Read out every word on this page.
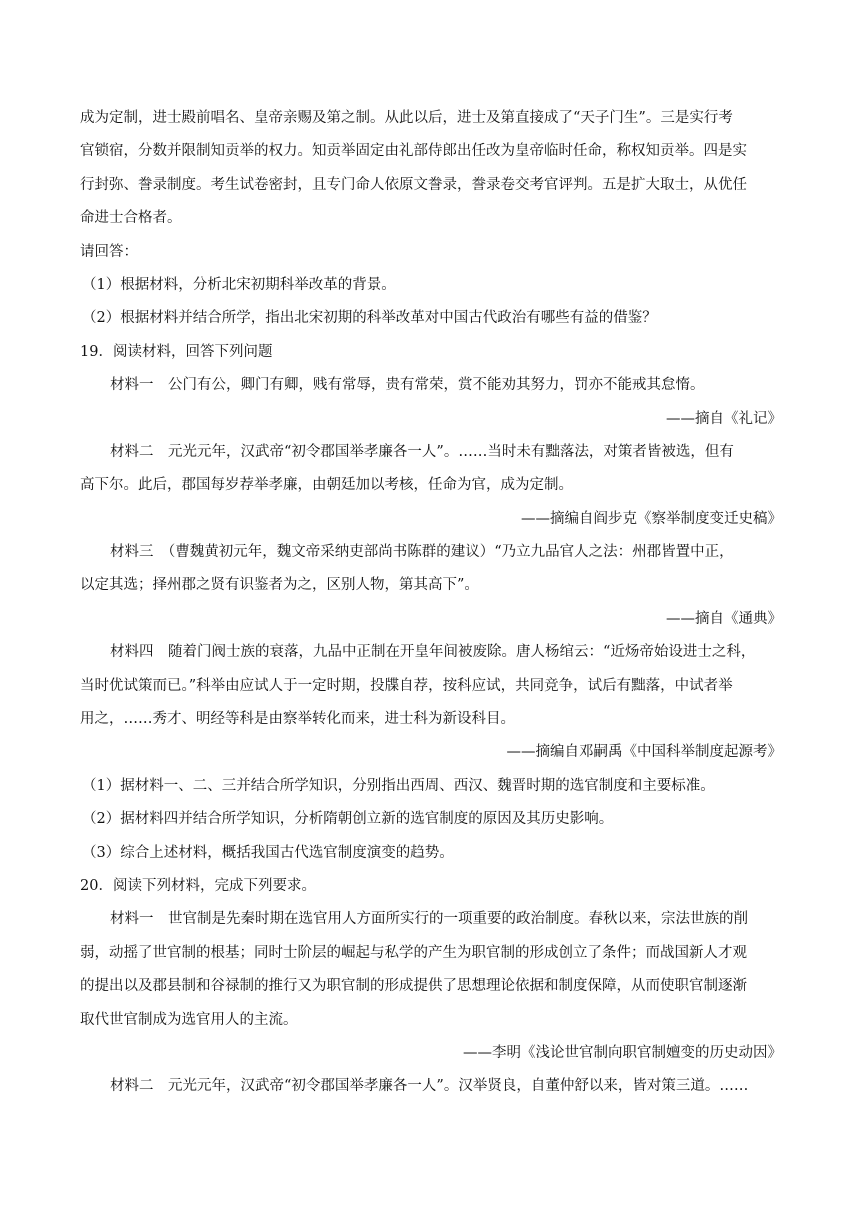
成为定制，进士殿前唱名、皇帝亲赐及第之制。从此以后，进士及第直接成了“天子门生”。三是实行考
官锁宿，分数并限制知贡举的权力。知贡举固定由礼部侍郎出任改为皇帝临时任命，称权知贡举。四是实
行封弥、誊录制度。考生试卷密封，且专门命人依原文誊录，誊录卷交考官评判。五是扩大取士，从优任
命进士合格者。
请回答：
（1）根据材料，分析北宋初期科举改革的背景。
（2）根据材料并结合所学，指出北宋初期的科举改革对中国古代政治有哪些有益的借鉴？
19．阅读材料，回答下列问题
材料一　公门有公，卿门有卿，贱有常辱，贵有常荣，赏不能劝其努力，罚亦不能戒其怠惰。
——摘自《礼记》
材料二　元光元年，汉武帝“初令郡国举孝廉各一人”。……当时未有黜落法，对策者皆被选，但有
高下尔。此后，郡国每岁荐举孝廉，由朝廷加以考核，任命为官，成为定制。
——摘编自阎步克《察举制度变迁史稿》
材料三　（曹魏黄初元年，魏文帝采纳吏部尚书陈群的建议）“乃立九品官人之法：州郡皆置中正，
以定其选；择州郡之贤有识鉴者为之，区别人物，第其高下”。
——摘自《通典》
材料四　随着门阀士族的衰落，九品中正制在开皇年间被废除。唐人杨绾云：“近炀帝始设进士之科，
当时优试策而已。”科举由应试人于一定时期，投牒自荐，按科应试，共同竞争，试后有黜落，中试者举
用之，……秀才、明经等科是由察举转化而来，进士科为新设科目。
——摘编自邓嗣禹《中国科举制度起源考》
（1）据材料一、二、三并结合所学知识，分别指出西周、西汉、魏晋时期的选官制度和主要标准。
（2）据材料四并结合所学知识，分析隋朝创立新的选官制度的原因及其历史影响。
（3）综合上述材料，概括我国古代选官制度演变的趋势。
20．阅读下列材料，完成下列要求。
材料一　世官制是先秦时期在选官用人方面所实行的一项重要的政治制度。春秋以来，宗法世族的削
弱，动摇了世官制的根基；同时士阶层的崛起与私学的产生为职官制的形成创立了条件；而战国新人才观
的提出以及郡县制和谷禄制的推行又为职官制的形成提供了思想理论依据和制度保障，从而使职官制逐渐
取代世官制成为选官用人的主流。
——李明《浅论世官制向职官制嬗变的历史动因》
材料二　元光元年，汉武帝“初令郡国举孝廉各一人”。汉举贤良，自董仲舒以来，皆对策三道。……
